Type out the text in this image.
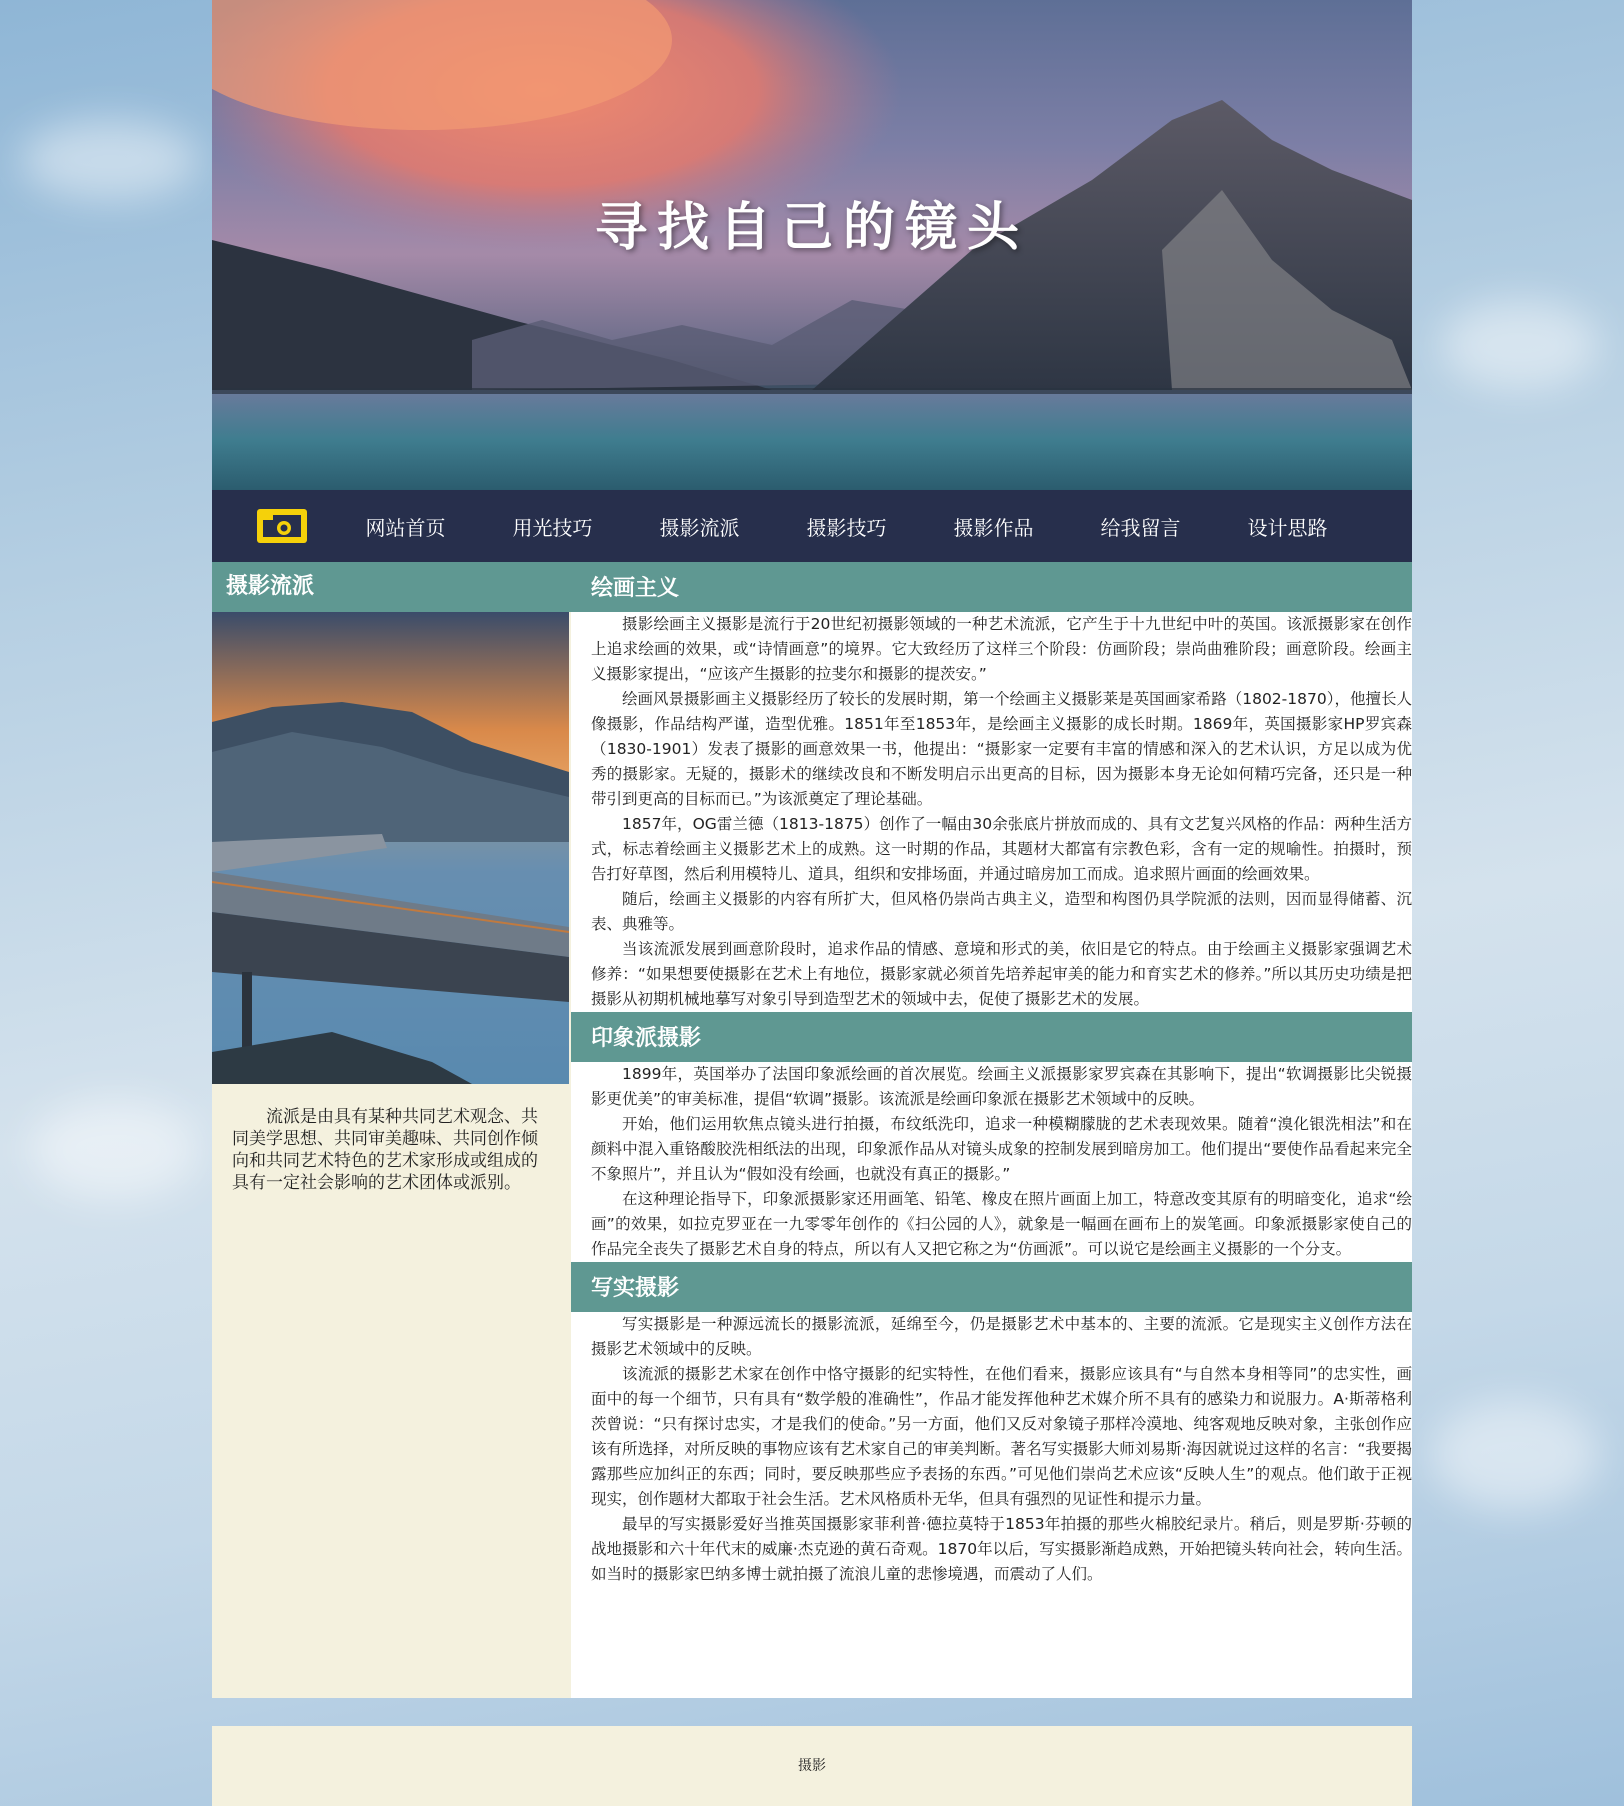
寻找自己的镜头
网站首页	用光技巧	摄影流派	摄影技巧	摄影作品	给我留言	设计思路
摄影流派
流派是由具有某种共同艺术观念、共同美学思想、共同审美趣味、共同创作倾向和共同艺术特色的艺术家形成或组成的具有一定社会影响的艺术团体或派别。
绘画主义

摄影绘画主义摄影是流行于20世纪初摄影领域的一种艺术流派，它产生于十九世纪中叶的英国。该派摄影家在创作上追求绘画的效果，或“诗情画意”的境界。它大致经历了这样三个阶段：仿画阶段；崇尚曲雅阶段；画意阶段。绘画主义摄影家提出，“应该产生摄影的拉斐尔和摄影的提茨安。”

绘画风景摄影画主义摄影经历了较长的发展时期，第一个绘画主义摄影莱是英国画家希路（1802-1870），他擅长人像摄影，作品结构严谨，造型优雅。1851年至1853年，是绘画主义摄影的成长时期。1869年，英国摄影家HP罗宾森（1830-1901）发表了摄影的画意效果一书，他提出：“摄影家一定要有丰富的情感和深入的艺术认识，方足以成为优秀的摄影家。无疑的，摄影术的继续改良和不断发明启示出更高的目标，因为摄影本身无论如何精巧完备，还只是一种带引到更高的目标而已。”为该派奠定了理论基础。

1857年，OG雷兰德（1813-1875）创作了一幅由30余张底片拼放而成的、具有文艺复兴风格的作品：两种生活方式，标志着绘画主义摄影艺术上的成熟。这一时期的作品，其题材大都富有宗教色彩，含有一定的规喻性。拍摄时，预告打好草图，然后利用模特儿、道具，组织和安排场面，并通过暗房加工而成。追求照片画面的绘画效果。

随后，绘画主义摄影的内容有所扩大，但风格仍崇尚古典主义，造型和构图仍具学院派的法则，因而显得储蓄、沉表、典雅等。

当该流派发展到画意阶段时，追求作品的情感、意境和形式的美，依旧是它的特点。由于绘画主义摄影家强调艺术修养：“如果想要使摄影在艺术上有地位，摄影家就必须首先培养起审美的能力和育实艺术的修养。”所以其历史功绩是把摄影从初期机械地摹写对象引导到造型艺术的领域中去，促使了摄影艺术的发展。

印象派摄影

1899年，英国举办了法国印象派绘画的首次展览。绘画主义派摄影家罗宾森在其影响下，提出“软调摄影比尖锐摄影更优美”的审美标准，提倡“软调”摄影。该流派是绘画印象派在摄影艺术领域中的反映。

开始，他们运用软焦点镜头进行拍摄，布纹纸洗印，追求一种模糊朦胧的艺术表现效果。随着“溴化银洗相法”和在颜料中混入重铬酸胶洗相纸法的出现，印象派作品从对镜头成象的控制发展到暗房加工。他们提出“要使作品看起来完全不象照片”，并且认为“假如没有绘画，也就没有真正的摄影。”

在这种理论指导下，印象派摄影家还用画笔、铅笔、橡皮在照片画面上加工，特意改变其原有的明暗变化，追求“绘画”的效果，如拉克罗亚在一九零零年创作的《扫公园的人》，就象是一幅画在画布上的炭笔画。印象派摄影家使自己的作品完全丧失了摄影艺术自身的特点，所以有人又把它称之为“仿画派”。可以说它是绘画主义摄影的一个分支。

写实摄影

写实摄影是一种源远流长的摄影流派，延绵至今，仍是摄影艺术中基本的、主要的流派。它是现实主义创作方法在摄影艺术领域中的反映。

该流派的摄影艺术家在创作中恪守摄影的纪实特性，在他们看来，摄影应该具有“与自然本身相等同”的忠实性，画面中的每一个细节，只有具有“数学般的准确性”，作品才能发挥他种艺术媒介所不具有的感染力和说服力。A·斯蒂格利茨曾说：“只有探讨忠实，才是我们的使命。”另一方面，他们又反对象镜子那样冷漠地、纯客观地反映对象，主张创作应该有所选择，对所反映的事物应该有艺术家自己的审美判断。著名写实摄影大师刘易斯·海因就说过这样的名言：“我要揭露那些应加纠正的东西；同时，要反映那些应予表扬的东西。”可见他们崇尚艺术应该“反映人生”的观点。他们敢于正视现实，创作题材大都取于社会生活。艺术风格质朴无华，但具有强烈的见证性和提示力量。

最早的写实摄影爱好当推英国摄影家菲利普·德拉莫特于1853年拍摄的那些火棉胶纪录片。稍后，则是罗斯·芬顿的战地摄影和六十年代末的威廉·杰克逊的黄石奇观。1870年以后，写实摄影渐趋成熟，开始把镜头转向社会，转向生活。如当时的摄影家巴纳多博士就拍摄了流浪儿童的悲惨境遇，而震动了人们。

摄影
